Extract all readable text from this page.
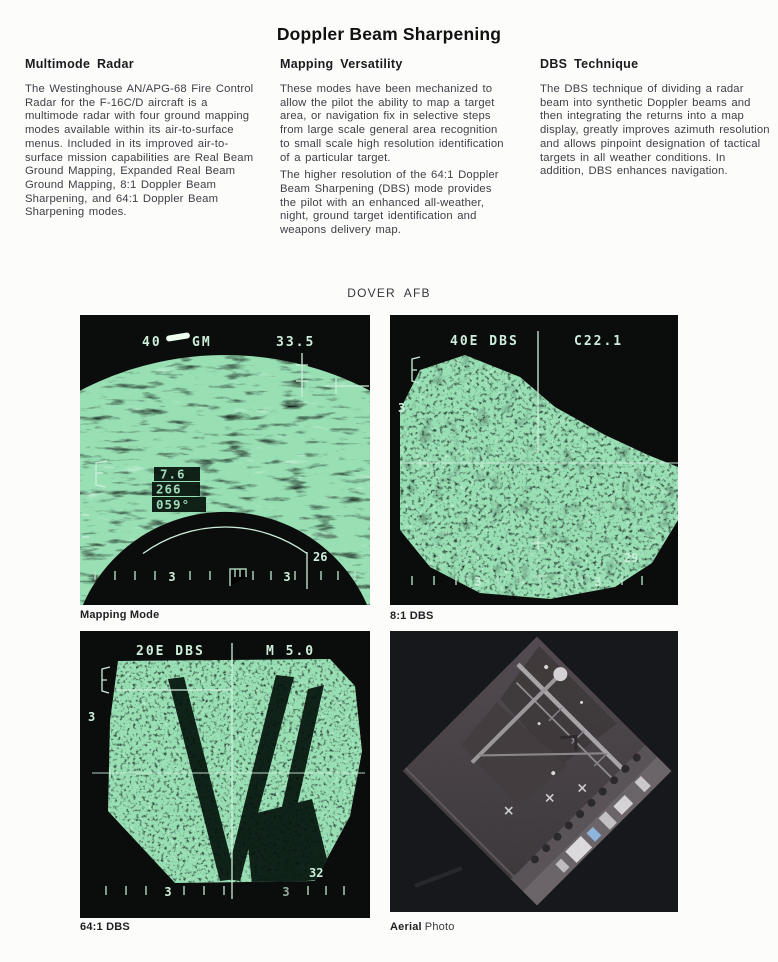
Doppler Beam Sharpening
Multimode Radar

The Westinghouse AN/APG-68 Fire Control Radar for the F-16C/D aircraft is a multimode radar with four ground mapping modes available within its air-to-surface menus. Included in its improved air-to-surface mission capabilities are Real Beam Ground Mapping, Expanded Real Beam Ground Mapping, 8:1 Doppler Beam Sharpening, and 64:1 Doppler Beam Sharpening modes.

Mapping Versatility

These modes have been mechanized to allow the pilot the ability to map a target area, or navigation fix in selective steps from large scale general area recognition to small scale high resolution identification of a particular target.

The higher resolution of the 64:1 Doppler Beam Sharpening (DBS) mode provides the pilot with an enhanced all-weather, night, ground target identification and weapons delivery map.

DBS Technique

The DBS technique of dividing a radar beam into synthetic Doppler beams and then integrating the returns into a map display, greatly improves azimuth resolution and allows pinpoint designation of tactical targets in all weather conditions. In addition, DBS enhances navigation.

DOVER AFB
40 GM	33.5
7.6
266
059°
26
3	3
Mapping Mode
40E DBS	C22.1
3
29
3	3
8:1 DBS
20E DBS	M 5.0
3
32
3	3
64:1 DBS	Aerial Photo
